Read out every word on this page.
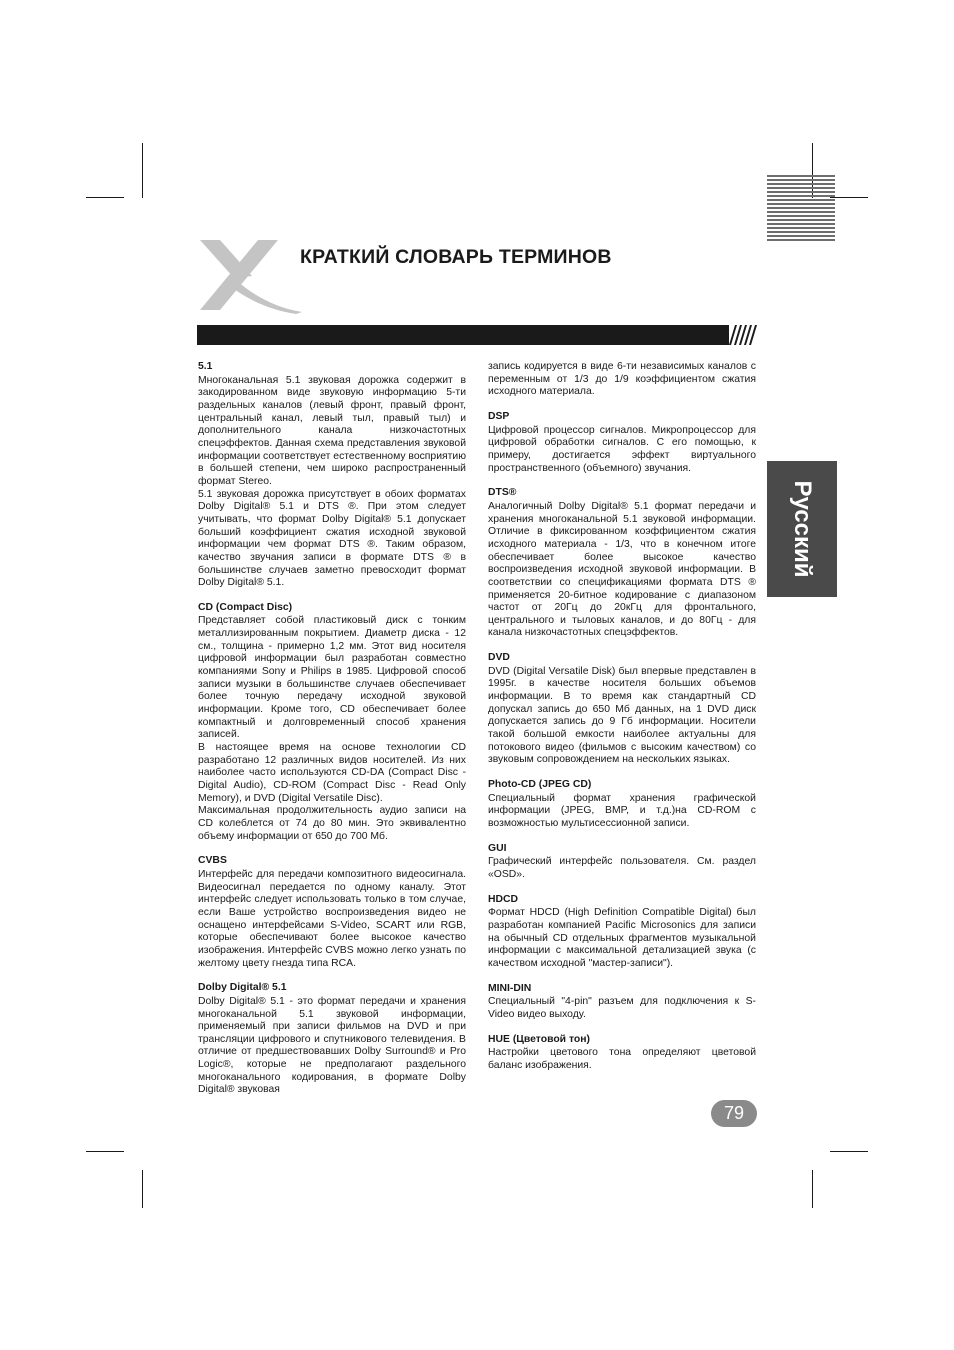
КРАТКИЙ СЛОВАРЬ ТЕРМИНОВ
Русский

5.1

Многоканальная 5.1 звуковая дорожка содержит в закодированном виде звуковую информацию 5-ти раздельных каналов (левый фронт, правый фронт, центральный канал, левый тыл, правый тыл) и дополнительного канала низкочастотных спецэффектов. Данная схема представления звуковой информации соответствует естественному восприятию в большей степени, чем широко распространенный формат Stereo.

5.1 звуковая дорожка присутствует в обоих форматах Dolby Digital® 5.1 и DTS ®. При этом следует учитывать, что формат Dolby Digital® 5.1 допускает больший коэффициент сжатия исходной звуковой информации чем формат DTS ®. Таким образом, качество звучания записи в формате DTS ® в большинстве случаев заметно превосходит формат Dolby Digital® 5.1.

CD (Compact Disc)

Представляет собой пластиковый диск с тонким металлизированным покрытием. Диаметр диска - 12 см., толщина - примерно 1,2 мм. Этот вид носителя цифровой информации был разработан совместно компаниями Sony и Philips в 1985. Цифровой способ записи музыки в большинстве случаев обеспечивает более точную передачу исходной звуковой информации. Кроме того, CD обеспечивает более компактный и долговременный способ хранения записей.

В настоящее время на основе технологии CD разработано 12 различных видов носителей. Из них наиболее часто используются CD-DA (Compact Disc - Digital Audio), CD-ROM (Compact Disc - Read Only Memory), и DVD (Digital Versatile Disc).

Максимальная продолжительность аудио записи на CD колеблется от 74 до 80 мин. Это эквивалентно объему информации от 650 до 700 Мб.

CVBS

Интерфейс для передачи композитного видеосигнала. Видеосигнал передается по одному каналу. Этот интерфейс следует использовать только в том случае, если Ваше устройство воспроизведения видео не оснащено интерфейсами S-Video, SCART или RGB, которые обеспечивают более высокое качество изображения. Интерфейс CVBS можно легко узнать по желтому цвету гнезда типа RCA.

Dolby Digital® 5.1

Dolby Digital® 5.1 - это формат передачи и хранения многоканальной 5.1 звуковой информации, применяемый при записи фильмов на DVD и при трансляции цифрового и спутникового телевидения. В отличие от предшествовавших Dolby Surround® и Pro Logic®, которые не предполагают раздельного многоканального кодирования, в формате Dolby Digital® звуковая

запись кодируется в виде 6-ти независимых каналов с переменным от 1/3 до 1/9 коэффициентом сжатия исходного материала.

DSP

Цифровой процессор сигналов. Микропроцессор для цифровой обработки сигналов. С его помощью, к примеру, достигается эффект виртуального пространственного (объемного) звучания.

DTS®

Аналогичный Dolby Digital® 5.1 формат передачи и хранения многоканальной 5.1 звуковой информации. Отличие в фиксированном коэффициентом сжатия исходного материала - 1/3, что в конечном итоге обеспечивает более высокое качество воспроизведения исходной звуковой информации. В соответствии со спецификациями формата DTS ® применяется 20-битное кодирование с диапазоном частот от 20Гц до 20кГц для фронтального, центрального и тыловых каналов, и до 80Гц - для канала низкочастотных спецэффектов.

DVD

DVD (Digital Versatile Disk) был впервые представлен в 1995г. в качестве носителя больших объемов информации. В то время как стандартный CD допускал запись до 650 Мб данных, на 1 DVD диск допускается запись до 9 Гб информации. Носители такой большой емкости наиболее актуальны для потокового видео (фильмов с высоким качеством) со звуковым сопровождением на нескольких языках.

Photo-CD (JPEG CD)

Специальный формат хранения графической информации (JPEG, BMP, и т.д.)на CD-ROM с возможностью мультисессионной записи.

GUI

Графический интерфейс пользователя. См. раздел «OSD».

HDCD

Формат HDCD (High Definition Compatible Digital) был разработан компанией Pacific Microsonics для записи на обычный CD отдельных фрагментов музыкальной информации с максимальной детализацией звука (с качеством исходной "мастер-записи").

MINI-DIN

Специальный "4-pin" разъем для подключения к S-Video видео выходу.

HUE (Цветовой тон)

Настройки цветового тона определяют цветовой баланс изображения.

79
